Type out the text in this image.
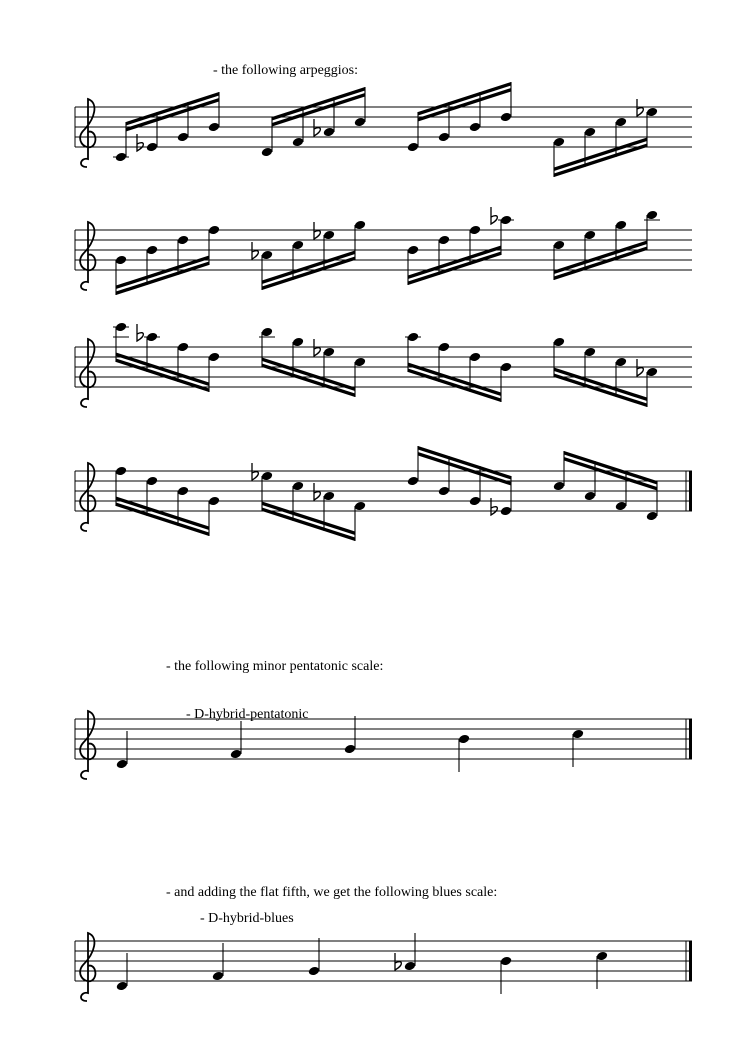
- the following arpeggios:
- the following minor pentatonic scale:
- D-hybrid-pentatonic
- and adding the flat fifth, we get the following blues scale:
- D-hybrid-blues
